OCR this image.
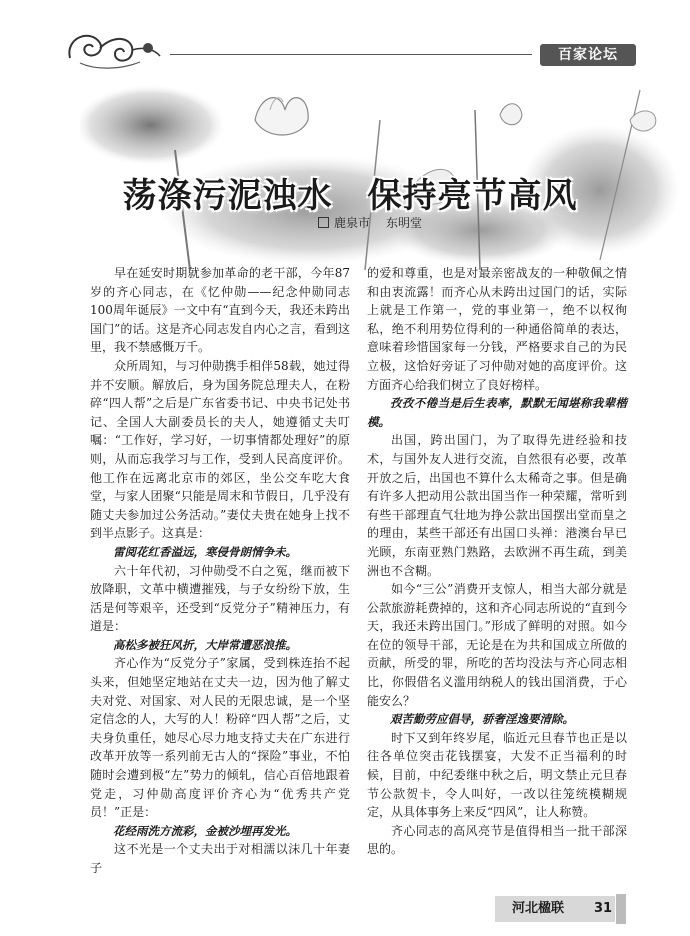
百家论坛
荡涤污泥浊水　保持亮节高风
鹿泉市 东明堂

早在延安时期就参加革命的老干部，今年87岁的齐心同志，在《忆仲勋——纪念仲勋同志100周年诞辰》一文中有“直到今天，我还未跨出国门”的话。这是齐心同志发自内心之言，看到这里，我不禁感慨万千。

众所周知，与习仲勋携手相伴58载，她过得并不安顺。解放后，身为国务院总理夫人，在粉碎“四人帮”之后是广东省委书记、中央书记处书记、全国人大副委员长的夫人，她遵循丈夫叮嘱：“工作好，学习好，一切事情都处理好”的原则，从而忘我学习与工作，受到人民高度评价。他工作在远离北京市的郊区，坐公交车吃大食堂，与家人团聚“只能是周末和节假日，几乎没有随丈夫参加过公务活动。”妻仗夫贵在她身上找不到半点影子。这真是：

雷阅花红香溢远，寒侵骨朗情争未。

六十年代初，习仲勋受不白之冤，继而被下放降职，文革中横遭摧残，与子女纷纷下放，生活是何等艰辛，还受到“反党分子”精神压力，有道是：

高松多被狂风折，大岸常遭恶浪推。

齐心作为“反党分子”家属，受到株连抬不起头来，但她坚定地站在丈夫一边，因为他了解丈夫对党、对国家、对人民的无限忠诚，是一个坚定信念的人，大写的人！粉碎“四人帮”之后，丈夫身负重任，她尽心尽力地支持丈夫在广东进行改革开放等一系列前无古人的“探险”事业，不怕随时会遭到极“左”势力的倾轧，信心百倍地跟着党走，习仲勋高度评价齐心为“优秀共产党员！”正是：

花经雨洗方流彩，金被沙埋再发光。

这不光是一个丈夫出于对相濡以沫几十年妻子

的爱和尊重，也是对最亲密战友的一种敬佩之情和由衷流露！而齐心从未跨出过国门的话，实际上就是工作第一，党的事业第一，绝不以权徇私，绝不利用势位得利的一种通俗简单的表达，意味着珍惜国家每一分钱，严格要求自己的为民立极，这恰好旁证了习仲勋对她的高度评价。这方面齐心给我们树立了良好榜样。

孜孜不倦当是后生表率，默默无闻堪称我辈楷模。

出国，跨出国门，为了取得先进经验和技术，与国外友人进行交流，自然很有必要，改革开放之后，出国也不算什么太稀奇之事。但是确有许多人把动用公款出国当作一种荣耀，常听到有些干部理直气壮地为挣公款出国摆出堂而皇之的理由，某些干部还有出国口头禅：港澳台早已光顾，东南亚熟门熟路，去欧洲不再生疏，到美洲也不含糊。

如今“三公”消费开支惊人，相当大部分就是公款旅游耗费掉的，这和齐心同志所说的“直到今天，我还未跨出国门。”形成了鲜明的对照。如今在位的领导干部，无论是在为共和国成立所做的贡献，所受的罪，所吃的苦均没法与齐心同志相比，你假借名义滥用纳税人的钱出国消费，于心能安么？

艰苦勤劳应倡导，骄奢淫逸要清除。

时下又到年终岁尾，临近元旦春节也正是以往各单位突击花钱摆宴，大发不正当福利的时候，目前，中纪委继中秋之后，明文禁止元旦春节公款贺卡，令人叫好，一改以往笼统模糊规定，从具体事务上来反“四风”，让人称赞。

齐心同志的高风亮节是值得相当一批干部深思的。

河北楹联	31
